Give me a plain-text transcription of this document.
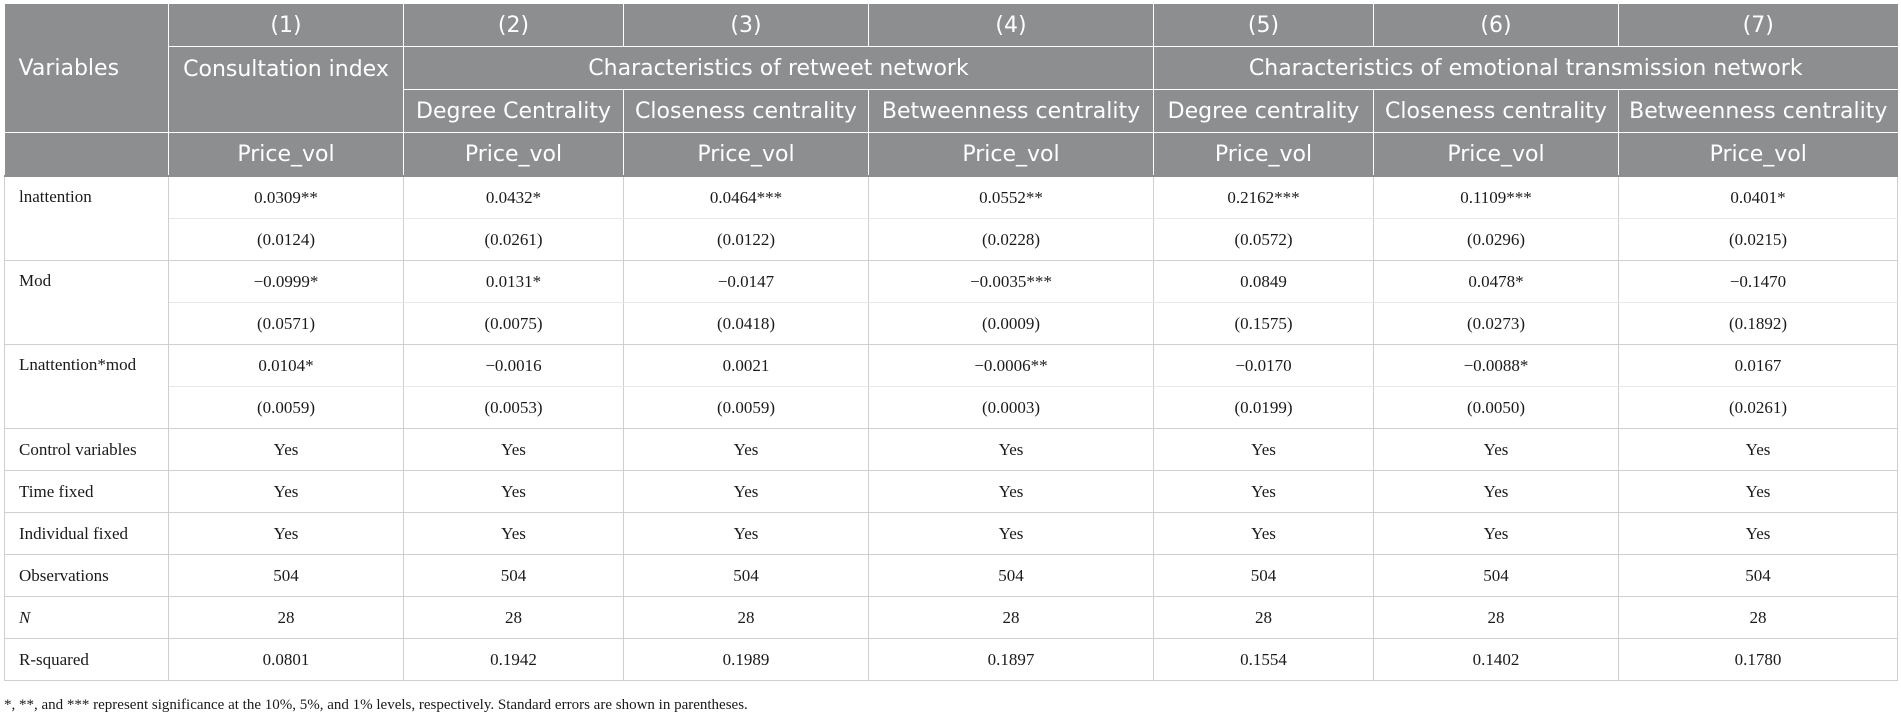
Variables	(1)	(2)	(3)	(4)	(5)	(6)	(7)
	Consultation index	Characteristics of retweet network			Characteristics of emotional transmission network		
		Degree Centrality	Closeness centrality	Betweenness centrality	Degree centrality	Closeness centrality	Betweenness centrality
	Price_vol	Price_vol	Price_vol	Price_vol	Price_vol	Price_vol	Price_vol
lnattention	0.0309**	0.0432*	0.0464***	0.0552**	0.2162***	0.1109***	0.0401*
	(0.0124)	(0.0261)	(0.0122)	(0.0228)	(0.0572)	(0.0296)	(0.0215)
Mod	−0.0999*	0.0131*	−0.0147	−0.0035***	0.0849	0.0478*	−0.1470
	(0.0571)	(0.0075)	(0.0418)	(0.0009)	(0.1575)	(0.0273)	(0.1892)
Lnattention*mod	0.0104*	−0.0016	0.0021	−0.0006**	−0.0170	−0.0088*	0.0167
	(0.0059)	(0.0053)	(0.0059)	(0.0003)	(0.0199)	(0.0050)	(0.0261)
Control variables	Yes	Yes	Yes	Yes	Yes	Yes	Yes
Time fixed	Yes	Yes	Yes	Yes	Yes	Yes	Yes
Individual fixed	Yes	Yes	Yes	Yes	Yes	Yes	Yes
Observations	504	504	504	504	504	504	504
N	28	28	28	28	28	28	28
R-squared	0.0801	0.1942	0.1989	0.1897	0.1554	0.1402	0.1780
*, **, and *** represent significance at the 10%, 5%, and 1% levels, respectively. Standard errors are shown in parentheses.
